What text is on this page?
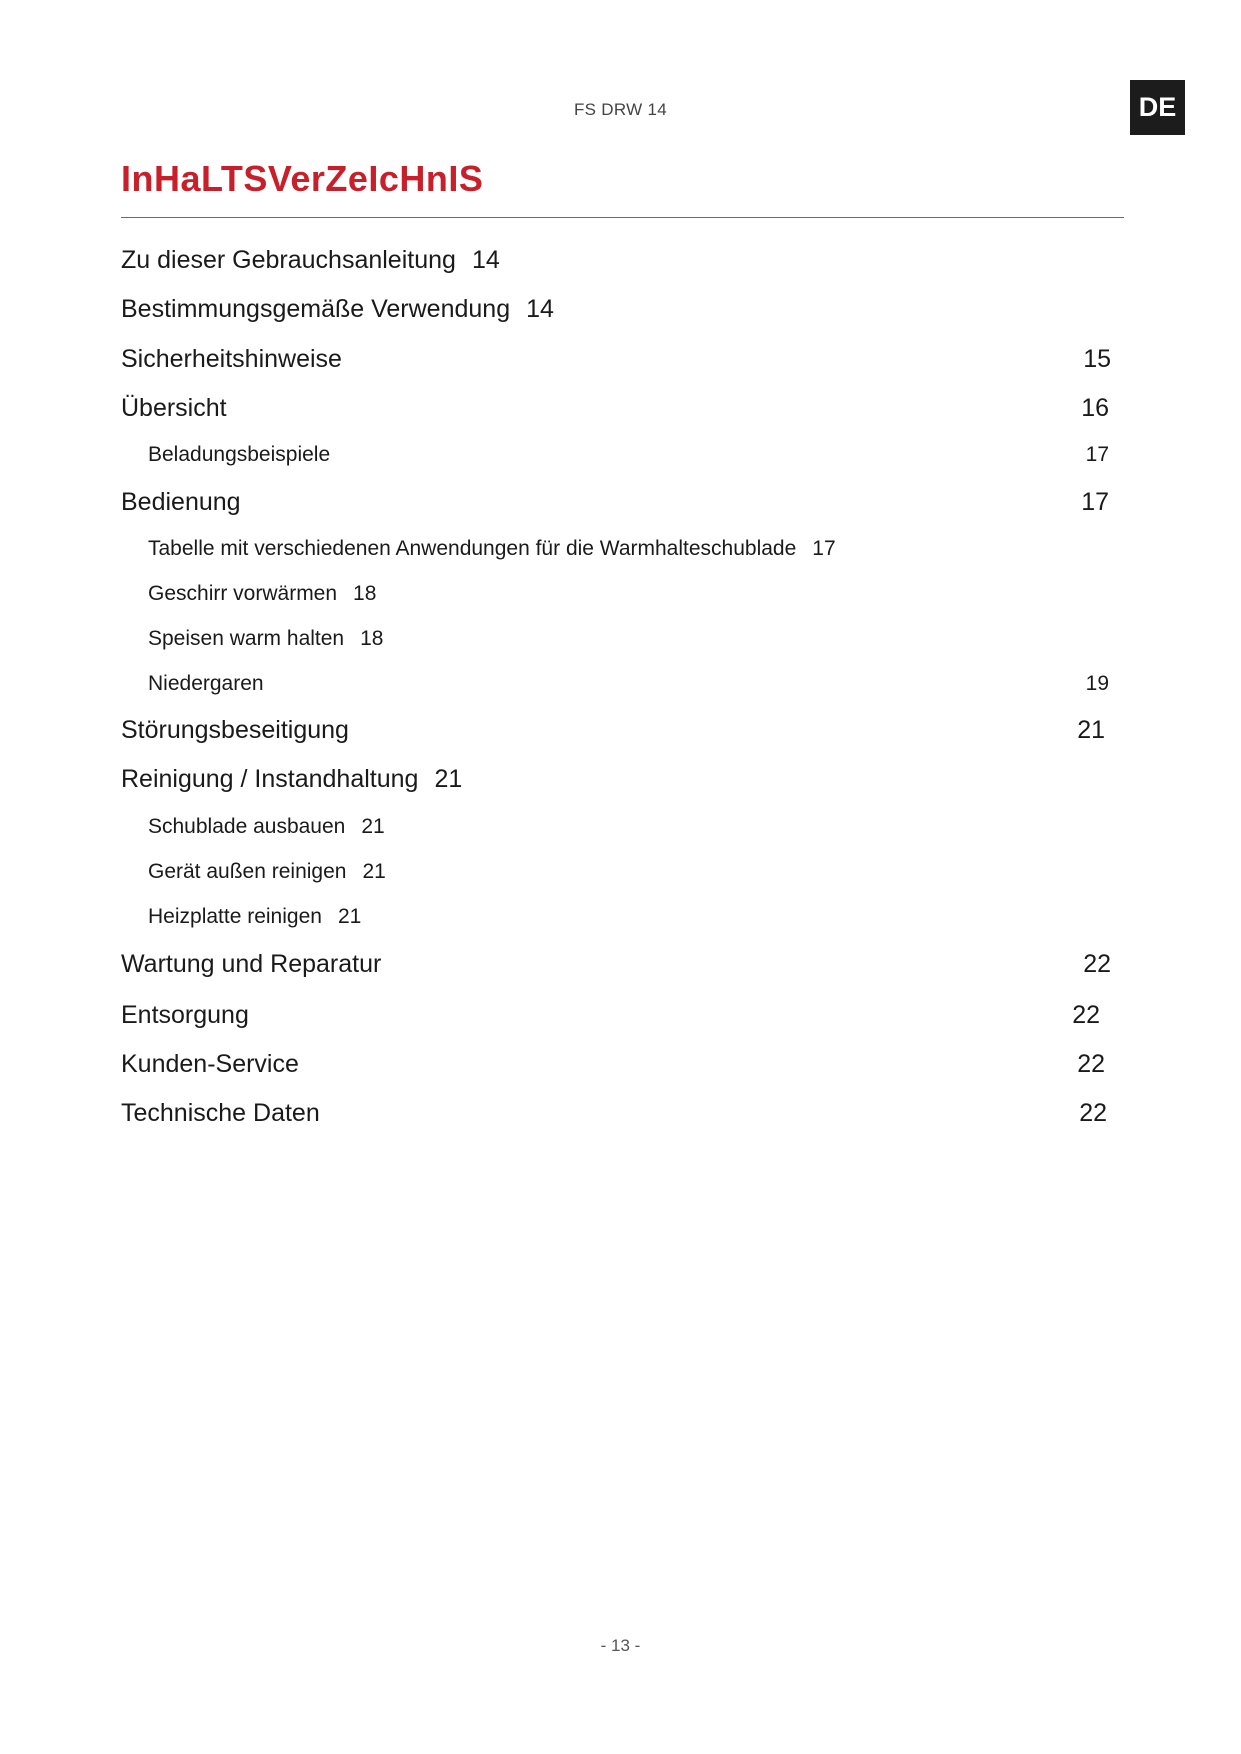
FS DRW 14	DE
InHaLTSVerZeIcHnIS
Zu dieser Gebrauchsanleitung 14
Bestimmungsgemäße Verwendung 14
Sicherheitshinweise	15
Übersicht	16
Beladungsbeispiele	17
Bedienung	17
Tabelle mit verschiedenen Anwendungen für die Warmhalteschublade 17
Geschirr vorwärmen 18
Speisen warm halten 18
Niedergaren	19
Störungsbeseitigung	21
Reinigung / Instandhaltung 21
Schublade ausbauen 21
Gerät außen reinigen 21
Heizplatte reinigen 21
Wartung und Reparatur	22
Entsorgung	22
Kunden-Service	22
Technische Daten	22
- 13 -
